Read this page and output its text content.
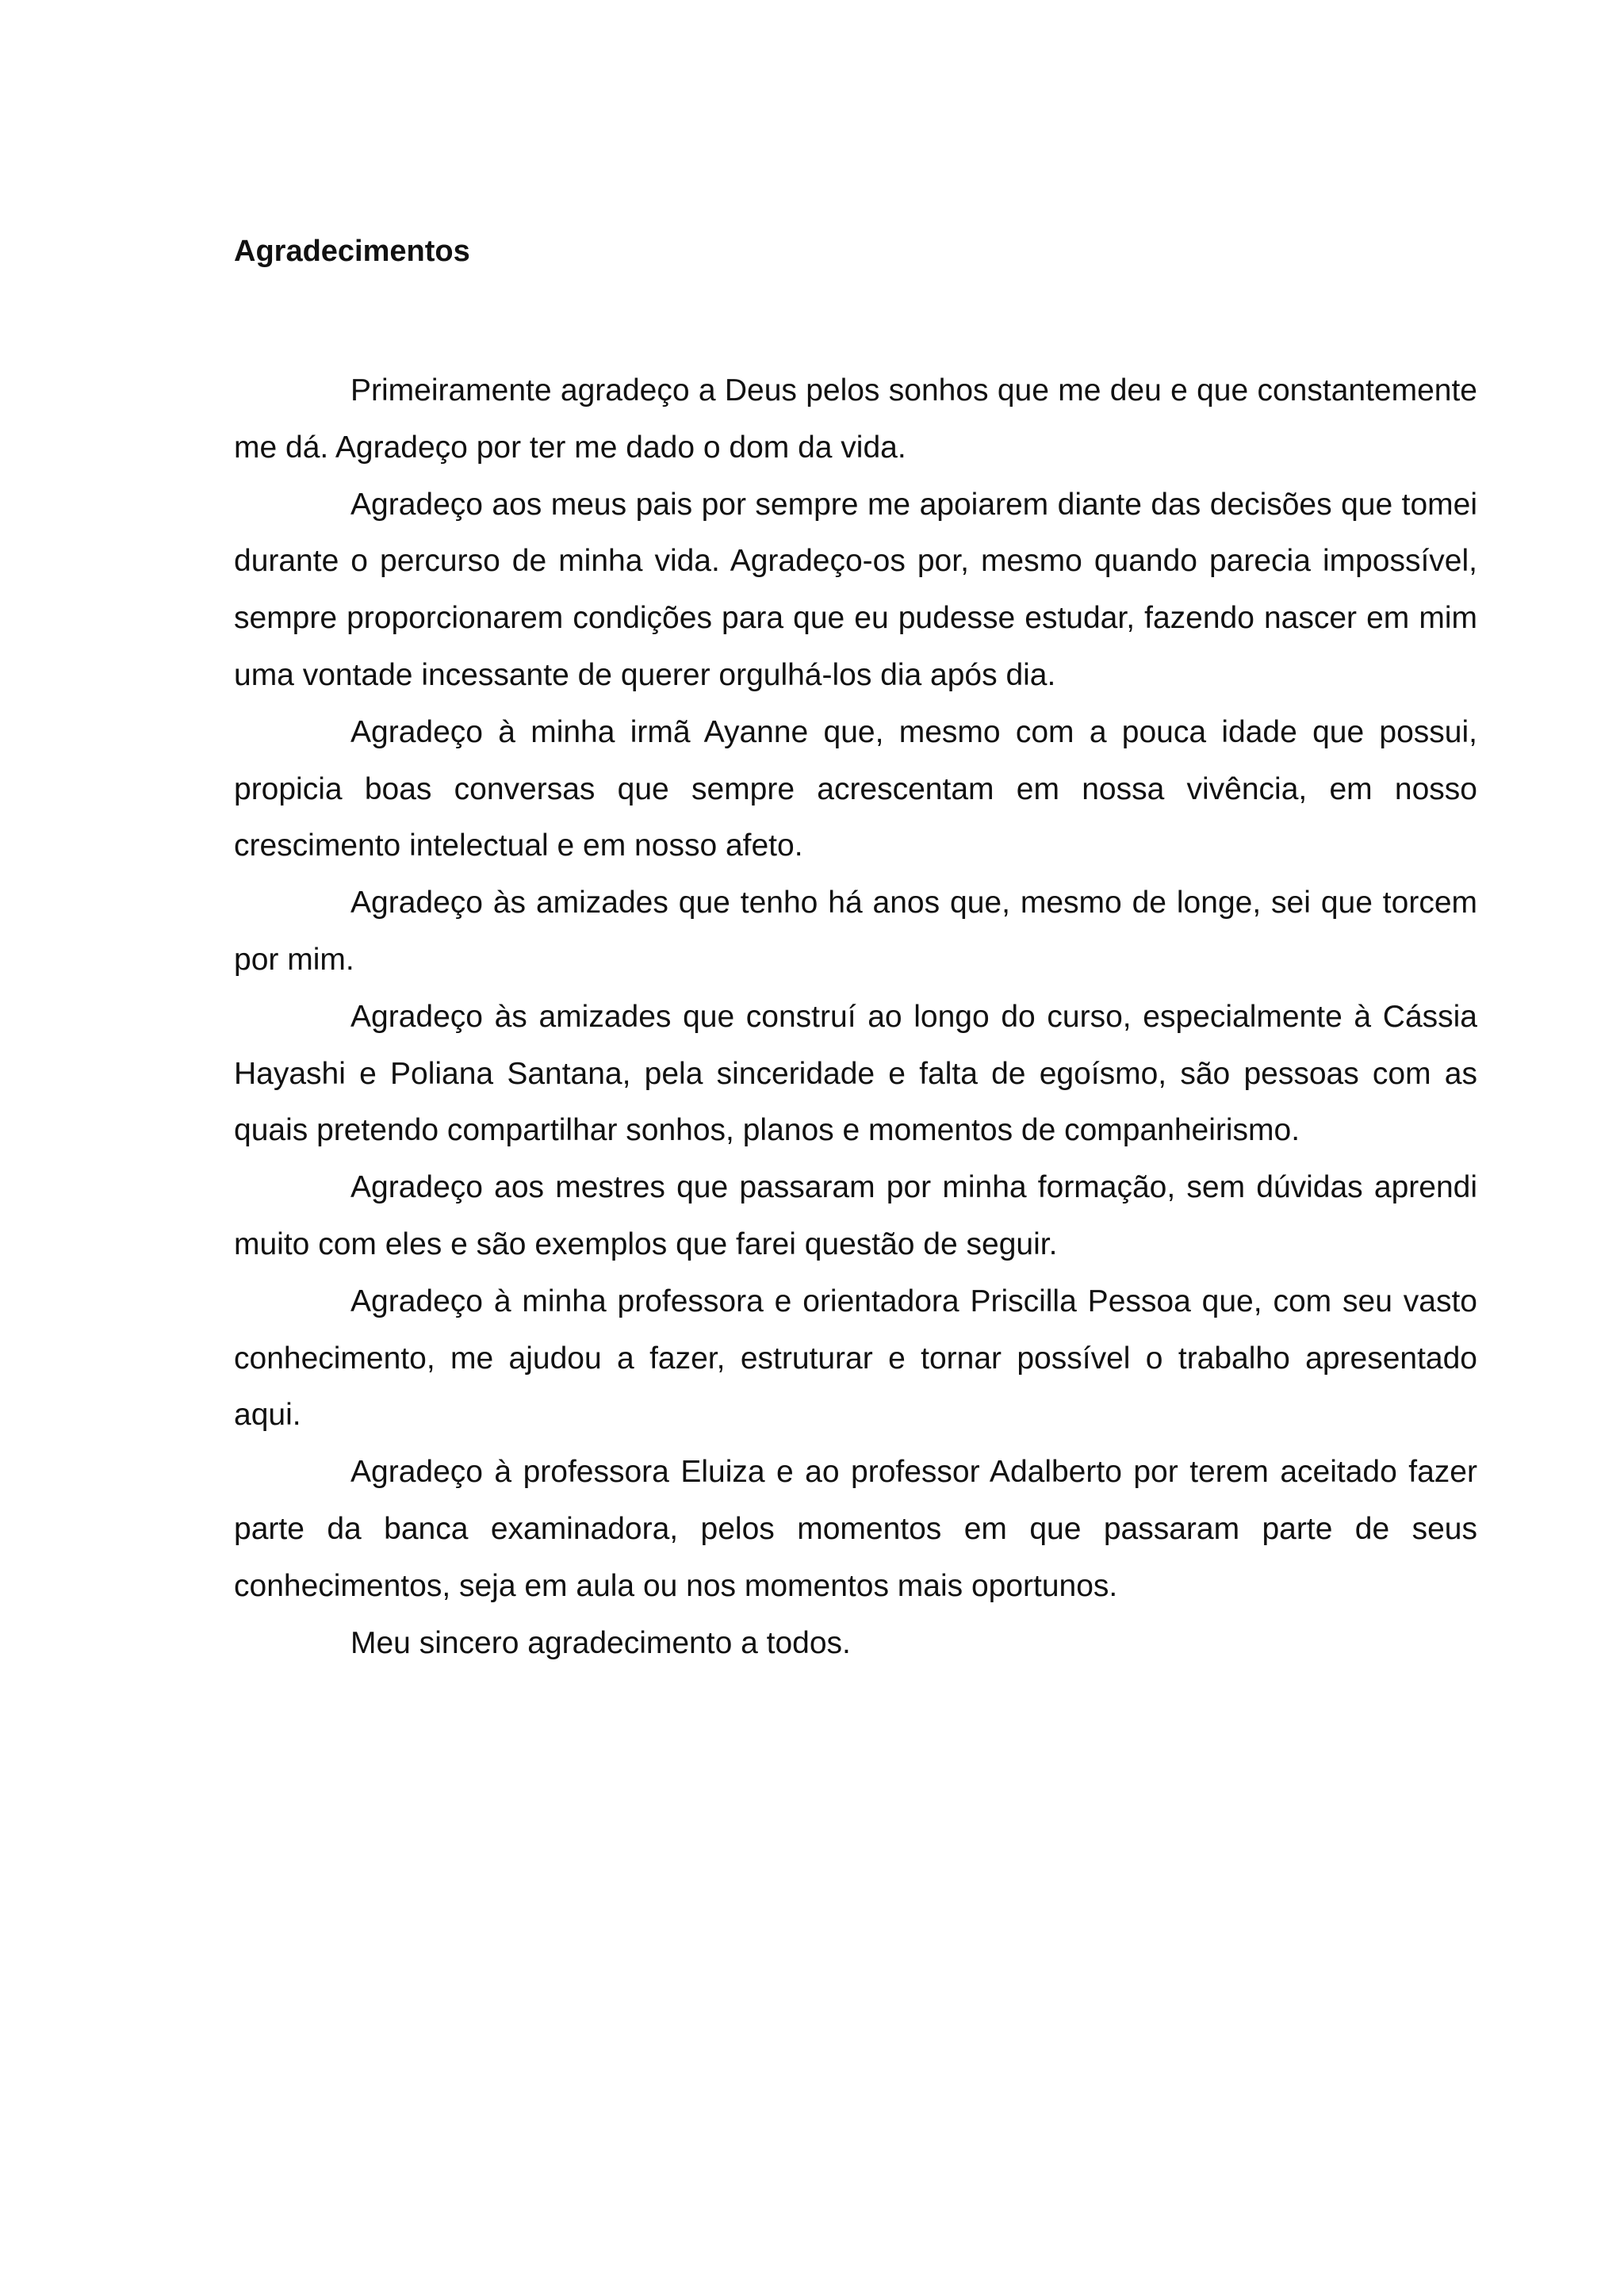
Agradecimentos

Primeiramente agradeço a Deus pelos sonhos que me deu e que constantemente me dá. Agradeço por ter me dado o dom da vida.

Agradeço aos meus pais por sempre me apoiarem diante das decisões que tomei durante o percurso de minha vida. Agradeço-os por, mesmo quando parecia impossível, sempre proporcionarem condições para que eu pudesse estudar, fazendo nascer em mim uma vontade incessante de querer orgulhá-los dia após dia.

Agradeço à minha irmã Ayanne que, mesmo com a pouca idade que possui, propicia boas conversas que sempre acrescentam em nossa vivência, em nosso crescimento intelectual e em nosso afeto.

Agradeço às amizades que tenho há anos que, mesmo de longe, sei que torcem por mim.

Agradeço às amizades que construí ao longo do curso, especialmente à Cássia Hayashi e Poliana Santana, pela sinceridade e falta de egoísmo, são pessoas com as quais pretendo compartilhar sonhos, planos e momentos de companheirismo.

Agradeço aos mestres que passaram por minha formação, sem dúvidas aprendi muito com eles e são exemplos que farei questão de seguir.

Agradeço à minha professora e orientadora Priscilla Pessoa que, com seu vasto conhecimento, me ajudou a fazer, estruturar e tornar possível o trabalho apresentado aqui.

Agradeço à professora Eluiza e ao professor Adalberto por terem aceitado fazer parte da banca examinadora, pelos momentos em que passaram parte de seus conhecimentos, seja em aula ou nos momentos mais oportunos.

Meu sincero agradecimento a todos.
